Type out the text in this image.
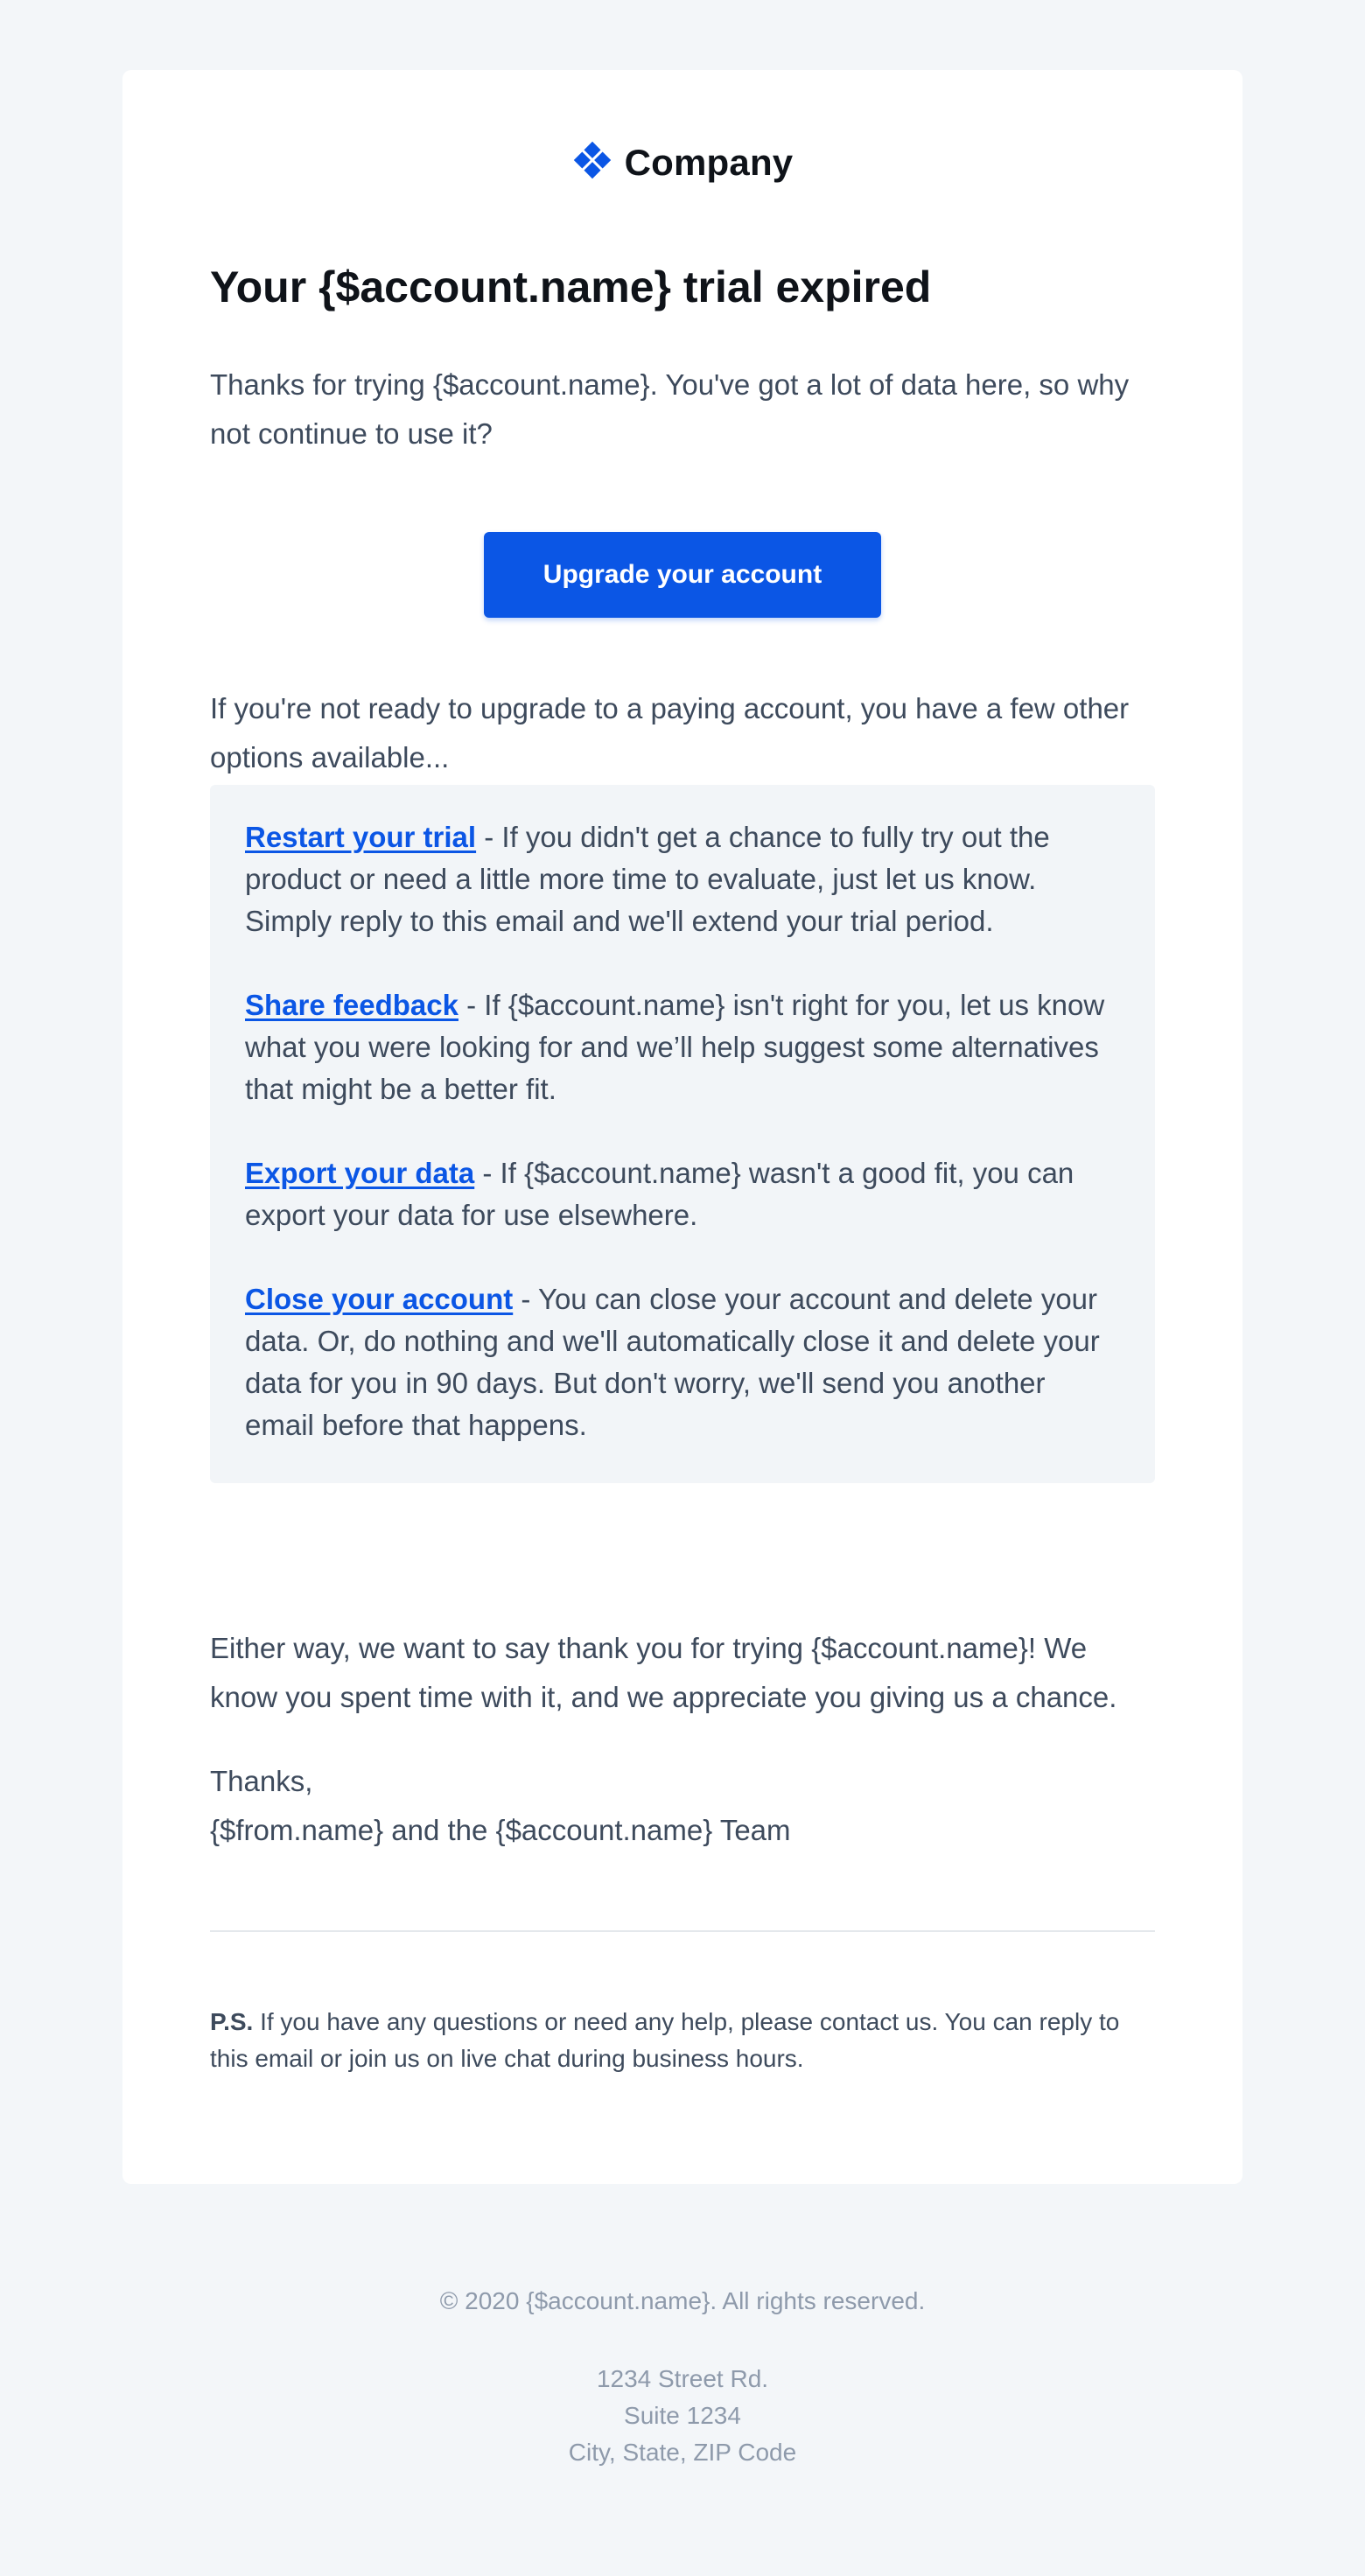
Company
Your {$account.name} trial expired

Thanks for trying {$account.name}. You've got a lot of data here, so why not continue to use it?

Upgrade your account

If you're not ready to upgrade to a paying account, you have a few other options available...

Either way, we want to say thank you for trying {$account.name}! We know you spent time with it, and we appreciate you giving us a chance.

Thanks,
{$from.name} and the {$account.name} Team

P.S. If you have any questions or need any help, please contact us. You can reply to this email or join us on live chat during business hours.

Restart your trial - If you didn't get a chance to fully try out the product or need a little more time to evaluate, just let us know. Simply reply to this email and we'll extend your trial period.

Share feedback - If {$account.name} isn't right for you, let us know what you were looking for and we’ll help suggest some alternatives that might be a better fit.

Export your data - If {$account.name} wasn't a good fit, you can export your data for use elsewhere.

Close your account - You can close your account and delete your data. Or, do nothing and we'll automatically close it and delete your data for you in 90 days. But don't worry, we'll send you another email before that happens.

© 2020 {$account.name}. All rights reserved.
1234 Street Rd.
Suite 1234
City, State, ZIP Code
